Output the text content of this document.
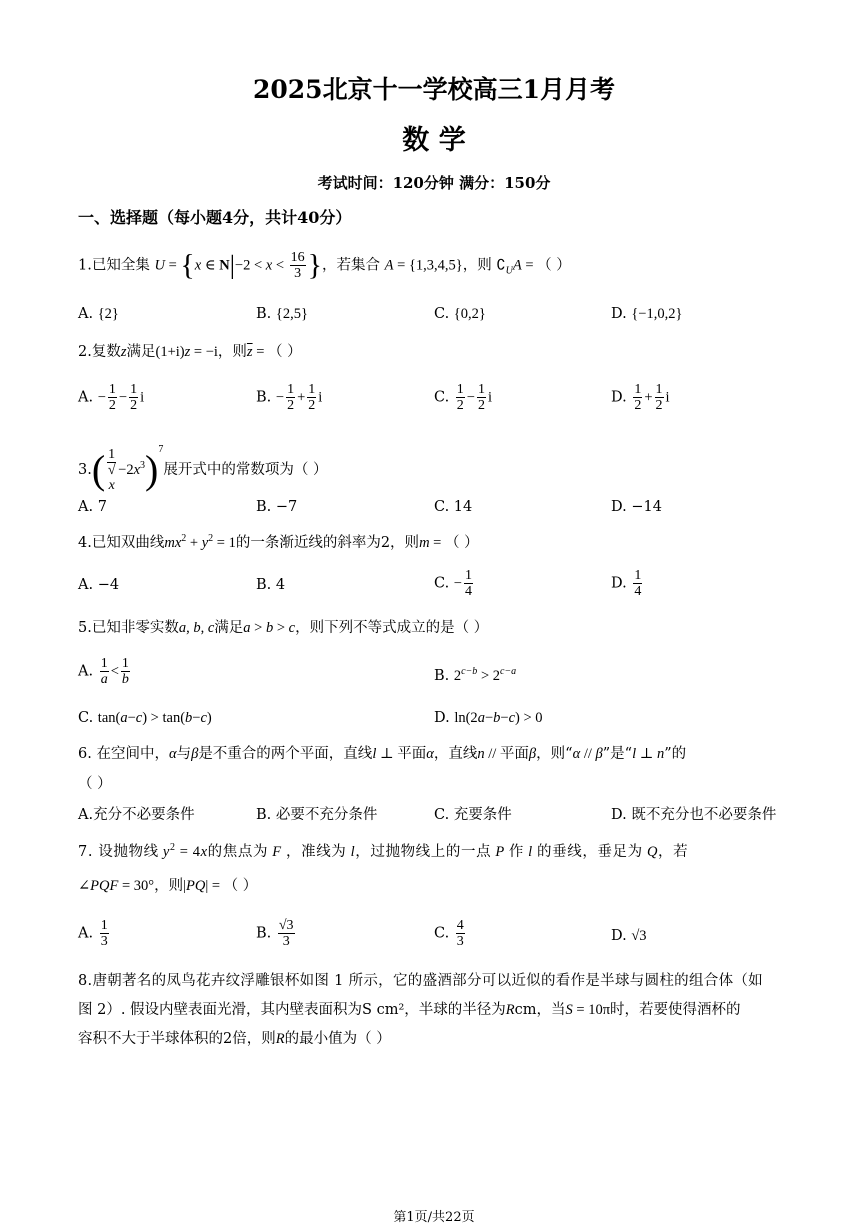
2025北京十一学校高三1月月考
数 学
考试时间：120分钟 满分：150分
一、选择题（每小题4分，共计40分）
1.已知全集 U = {x ∈ $N|-2 < x < \frac{16}{3}$ }，若集合 A = {1,3,4,5}，则 $∁_UA$ = （ ）
A. {2}	B. {2,5}	C. {0,2}	D. {−1,0,2}
2.复数z满足(1+i)z = −i，则$\overline{z}$ = （ ）
A. − $\frac{1}{2} - \frac{1}{2}$ i	B. − $\frac{1}{2} + \frac{1}{2}$ i	C. $\frac{1}{2} - \frac{1}{2}$ i	D. $\frac{1}{2} + \frac{1}{2}$ i
3.( 1
√
$x -2x^3)^7$展开式中的常数项为（ ）
A. 7	B. −7	C. 14	D. −14
4.已知双曲线$mx^2 + y^2 = 1$的一条渐近线的斜率为2，则m = （ ）
A. −4	B. 4	C. − $\frac{1}{4}$	D. $\frac{1}{4}$
5.已知非零实数a, b, c满足a > b > c，则下列不等式成立的是（ ）
A. $\frac{1}{a} < \frac{1}{b}$	B. $2^{c-b} > 2^{c-a}$
C. tan(a−c) > tan(b−c)	D. ln(2a−b−c) > 0
6. 在空间中，α与β是不重合的两个平面，直线l ⊥ 平面α，直线n // 平面β，则“α // β”是“l ⊥ n”的
（ ）
A.充分不必要条件	B. 必要不充分条件	C. 充要条件	D. 既不充分也不必要条件
7. 设抛物线 $y^2 = 4x$的焦点为 F ，准线为 l，过抛物线上的一点 P 作 l 的垂线，垂足为 Q，若
∠PQF = 30°，则|PQ| = （ ）
A. $\frac{1}{3}$	B. $\frac{√3}{3}$	C. $\frac{4}{3}$	D. √3
8.唐朝著名的凤鸟花卉纹浮雕银杯如图 1 所示，它的盛酒部分可以近似的看作是半球与圆柱的组合体（如
图 2）. 假设内壁表面光滑，其内壁表面积为S cm²，半球的半径为Rcm，当S = 10π时，若要使得酒杯的
容积不大于半球体积的2倍，则R的最小值为（ ）
第1页/共22页
